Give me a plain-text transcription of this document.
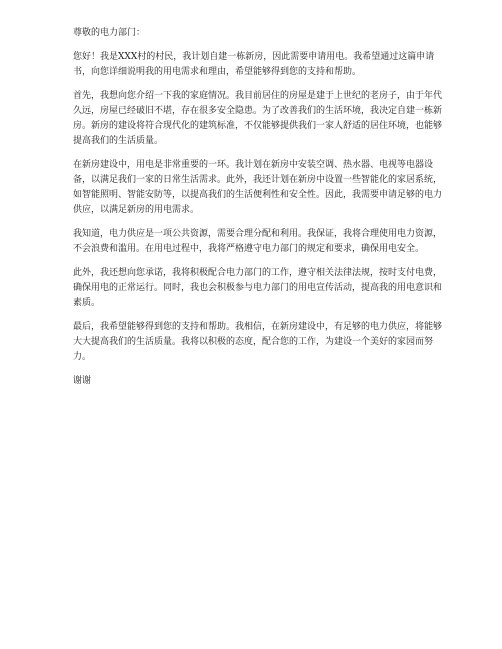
尊敬的电力部门：

您好！我是XXX村的村民，我计划自建一栋新房，因此需要申请用电。我希望通过这篇申请书，向您详细说明我的用电需求和理由，希望能够得到您的支持和帮助。

首先，我想向您介绍一下我的家庭情况。我目前居住的房屋是建于上世纪的老房子，由于年代久远，房屋已经破旧不堪，存在很多安全隐患。为了改善我们的生活环境，我决定自建一栋新房。新房的建设将符合现代化的建筑标准，不仅能够提供我们一家人舒适的居住环境，也能够提高我们的生活质量。

在新房建设中，用电是非常重要的一环。我计划在新房中安装空调、热水器、电视等电器设备，以满足我们一家的日常生活需求。此外，我还计划在新房中设置一些智能化的家居系统，如智能照明、智能安防等，以提高我们的生活便利性和安全性。因此，我需要申请足够的电力供应，以满足新房的用电需求。

我知道，电力供应是一项公共资源，需要合理分配和利用。我保证，我将合理使用电力资源，不会浪费和滥用。在用电过程中，我将严格遵守电力部门的规定和要求，确保用电安全。

此外，我还想向您承诺，我将积极配合电力部门的工作，遵守相关法律法规，按时支付电费，确保用电的正常运行。同时，我也会积极参与电力部门的用电宣传活动，提高我的用电意识和素质。

最后，我希望能够得到您的支持和帮助。我相信，在新房建设中，有足够的电力供应，将能够大大提高我们的生活质量。我将以积极的态度，配合您的工作，为建设一个美好的家园而努力。

谢谢
